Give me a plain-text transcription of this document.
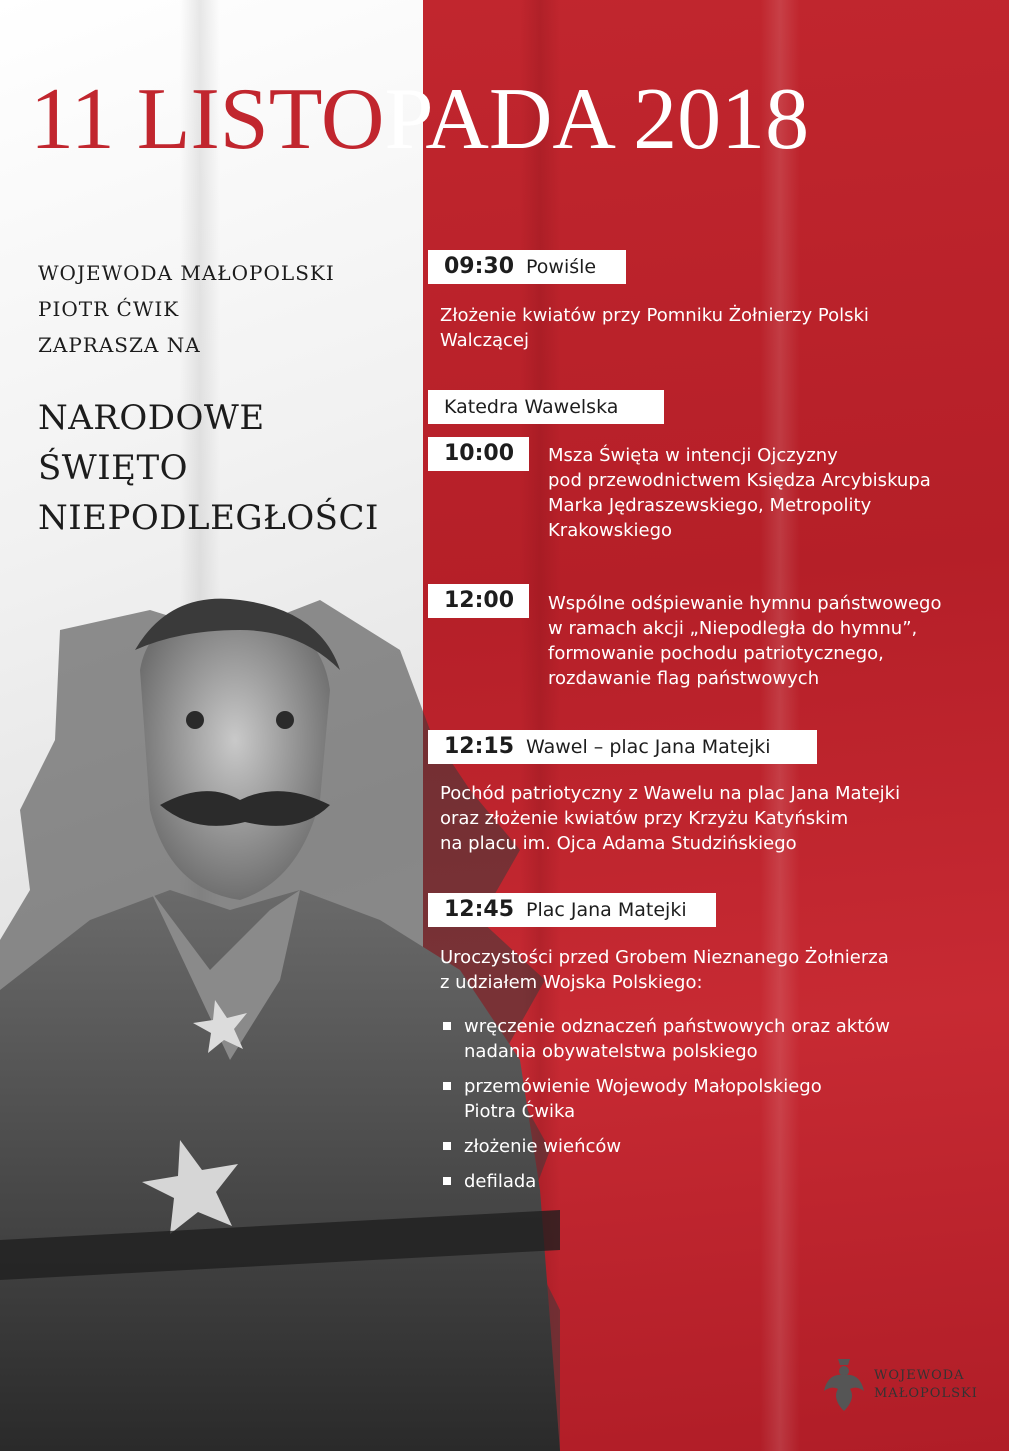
11 LISTOPADA 2018
WOJEWODA MAŁOPOLSKI
PIOTR ĆWIK
ZAPRASZA NA
NARODOWE
ŚWIĘTO
NIEPODLEGŁOŚCI
09:30 Powiśle
Złożenie kwiatów przy Pomniku Żołnierzy Polski
Walczącej
Katedra Wawelska
10:00	Msza Święta w intencji Ojczyzny
pod przewodnictwem Księdza Arcybiskupa
Marka Jędraszewskiego, Metropolity
Krakowskiego
12:00	Wspólne odśpiewanie hymnu państwowego
w ramach akcji „Niepodległa do hymnu”,
formowanie pochodu patriotycznego,
rozdawanie flag państwowych
12:15 Wawel – plac Jana Matejki
Pochód patriotyczny z Wawelu na plac Jana Matejki
oraz złożenie kwiatów przy Krzyżu Katyńskim
na placu im. Ojca Adama Studzińskiego
12:45 Plac Jana Matejki
Uroczystości przed Grobem Nieznanego Żołnierza
z udziałem Wojska Polskiego:
wręczenie odznaczeń państwowych oraz aktów
nadania obywatelstwa polskiego
przemówienie Wojewody Małopolskiego
Piotra Ćwika
złożenie wieńców
defilada
WOJEWODA
MAŁOPOLSKI
